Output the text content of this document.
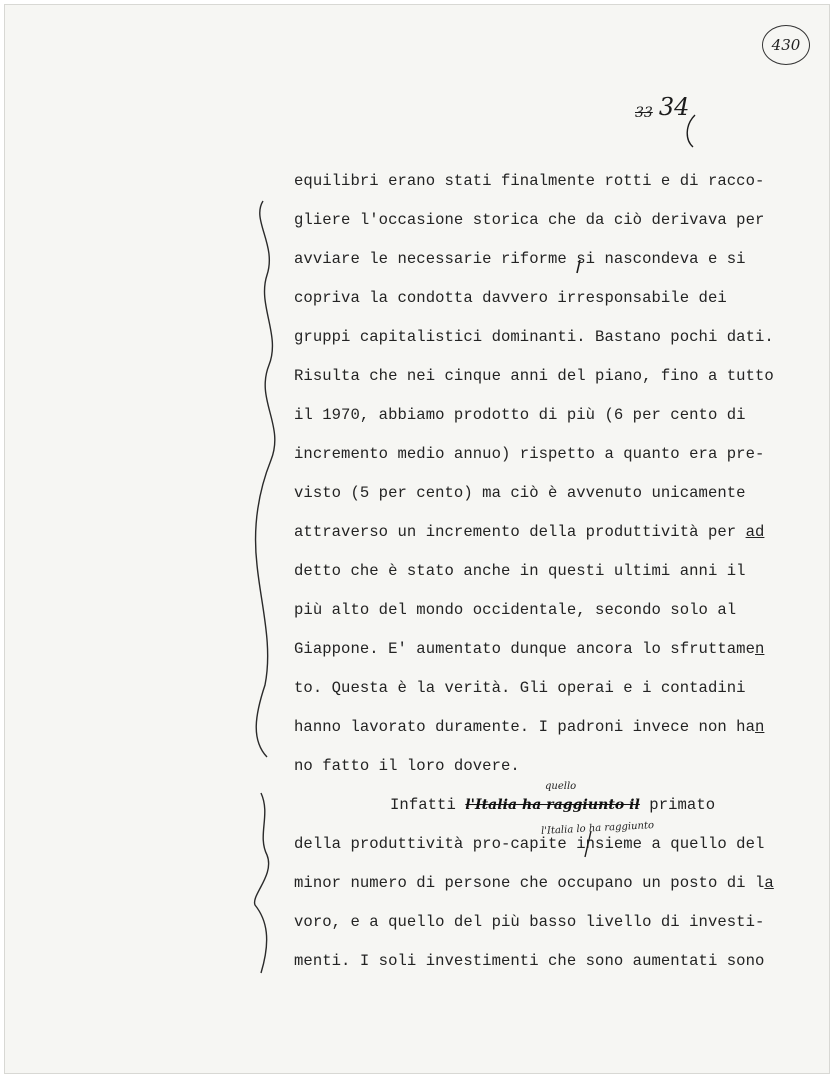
430
33 34
equilibri erano stati finalmente rotti e di racco-
gliere l'occasione storica che da ciò derivava per
avviare le necessarie riforme si nascondeva e si
copriva la condotta davvero irresponsabile dei
gruppi capitalistici dominanti. Bastano pochi dati.
Risulta che nei cinque anni del piano, fino a tutto
il 1970, abbiamo prodotto di più (6 per cento di
incremento medio annuo) rispetto a quanto era pre-
visto (5 per cento) ma ciò è avvenuto unicamente
attraverso un incremento della produttività per ad
detto che è stato anche in questi ultimi anni il
più alto del mondo occidentale, secondo solo al
Giappone. E' aumentato dunque ancora lo sfruttamen
to. Questa è la verità. Gli operai e i contadini
hanno lavorato duramente. I padroni invece non han
no fatto il loro dovere.
Infatti l'Italia ha raggiunto il primato
della produttività pro-capite insieme a quello del
minor numero di persone che occupano un posto di la
voro, e a quello del più basso livello di investi-
menti. I soli investimenti che sono aumentati sono
quello
l'Italia lo ha raggiunto
